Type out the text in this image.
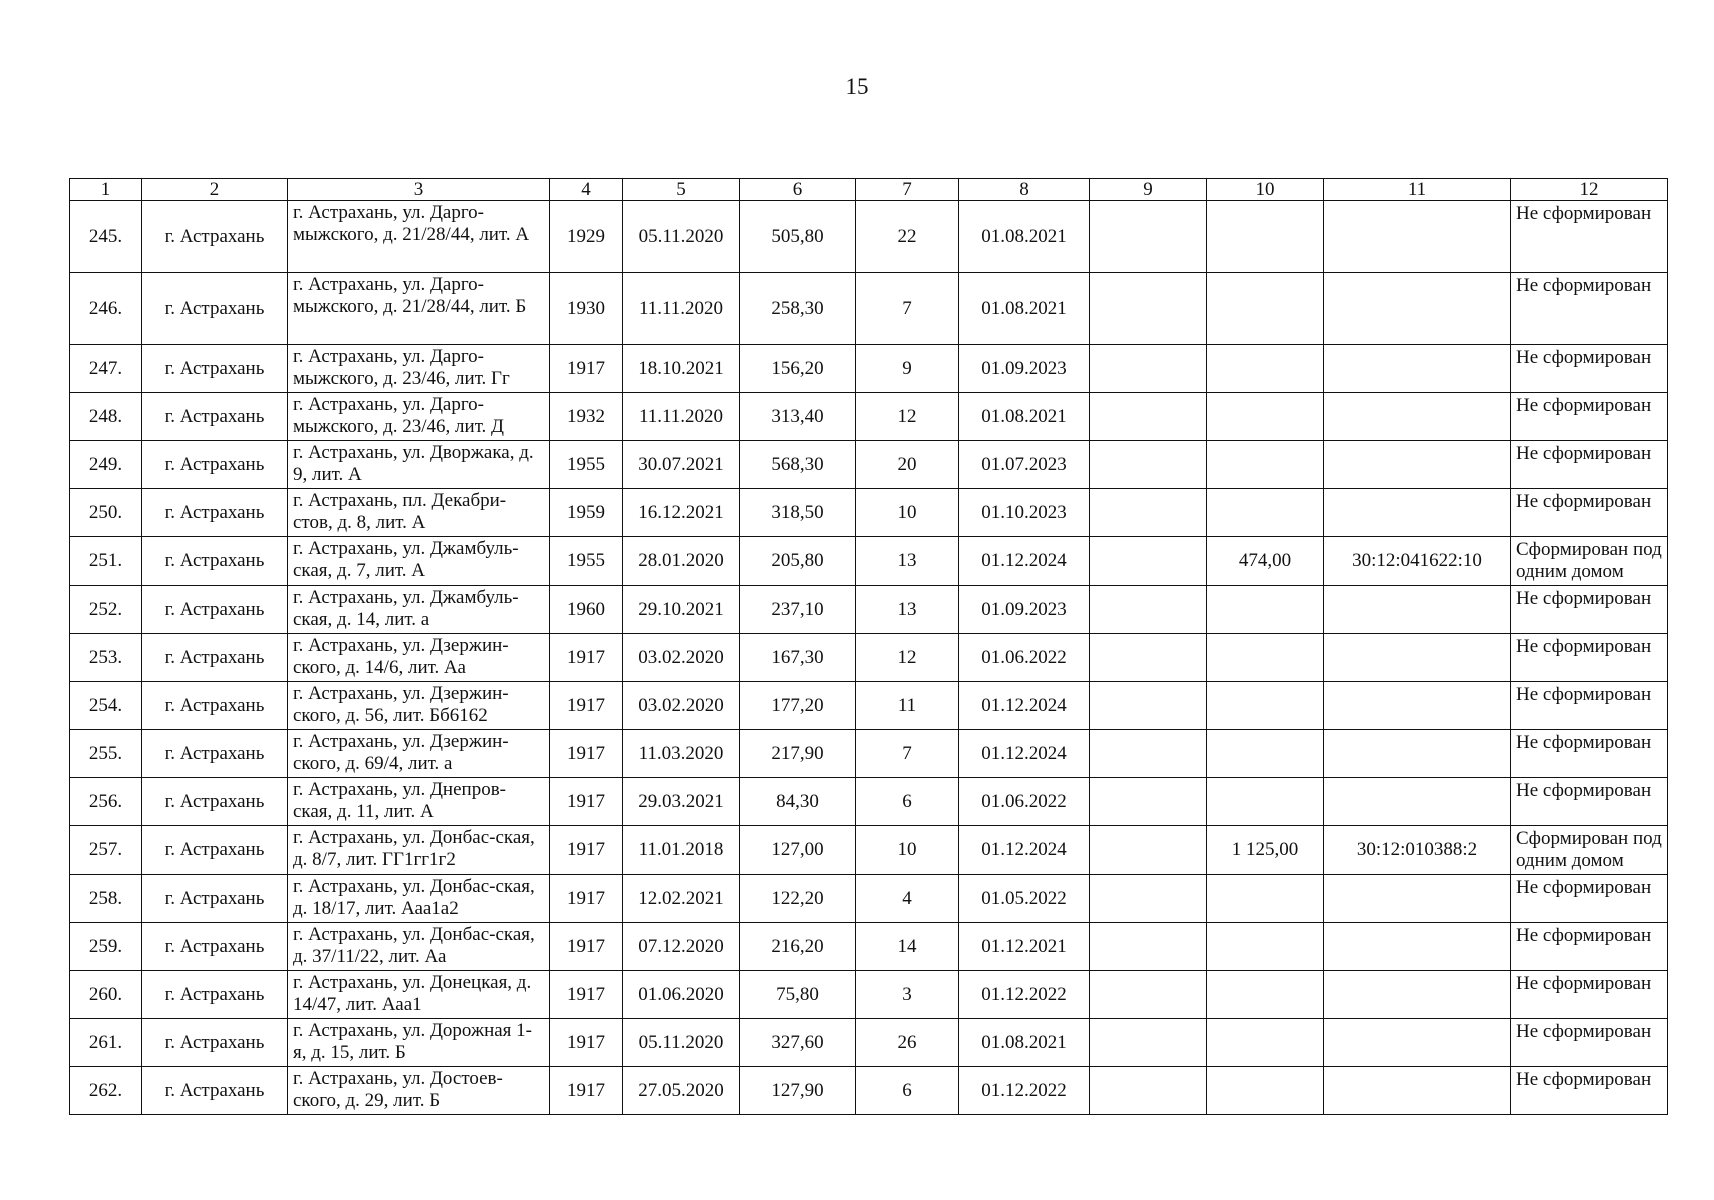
15
1	2	3	4	5	6	7	8	9	10	11	12
245.	г. Астрахань	г. Астрахань, ул. Дарго-мыжского, д. 21/28/44, лит. А	1929	05.11.2020	505,80	22	01.08.2021				Не сформирован
246.	г. Астрахань	г. Астрахань, ул. Дарго-мыжского, д. 21/28/44, лит. Б	1930	11.11.2020	258,30	7	01.08.2021				Не сформирован
247.	г. Астрахань	г. Астрахань, ул. Дарго-мыжского, д. 23/46, лит. Гг	1917	18.10.2021	156,20	9	01.09.2023				Не сформирован
248.	г. Астрахань	г. Астрахань, ул. Дарго-мыжского, д. 23/46, лит. Д	1932	11.11.2020	313,40	12	01.08.2021				Не сформирован
249.	г. Астрахань	г. Астрахань, ул. Дворжака, д. 9, лит. А	1955	30.07.2021	568,30	20	01.07.2023				Не сформирован
250.	г. Астрахань	г. Астрахань, пл. Декабри-стов, д. 8, лит. А	1959	16.12.2021	318,50	10	01.10.2023				Не сформирован
251.	г. Астрахань	г. Астрахань, ул. Джамбуль-ская, д. 7, лит. А	1955	28.01.2020	205,80	13	01.12.2024		474,00	30:12:041622:10	Сформирован под одним домом
252.	г. Астрахань	г. Астрахань, ул. Джамбуль-ская, д. 14, лит. а	1960	29.10.2021	237,10	13	01.09.2023				Не сформирован
253.	г. Астрахань	г. Астрахань, ул. Дзержин-ского, д. 14/6, лит. Аа	1917	03.02.2020	167,30	12	01.06.2022				Не сформирован
254.	г. Астрахань	г. Астрахань, ул. Дзержин-ского, д. 56, лит. Бб6162	1917	03.02.2020	177,20	11	01.12.2024				Не сформирован
255.	г. Астрахань	г. Астрахань, ул. Дзержин-ского, д. 69/4, лит. а	1917	11.03.2020	217,90	7	01.12.2024				Не сформирован
256.	г. Астрахань	г. Астрахань, ул. Днепров-ская, д. 11, лит. А	1917	29.03.2021	84,30	6	01.06.2022				Не сформирован
257.	г. Астрахань	г. Астрахань, ул. Донбас-ская, д. 8/7, лит. ГГ1гг1г2	1917	11.01.2018	127,00	10	01.12.2024		1 125,00	30:12:010388:2	Сформирован под одним домом
258.	г. Астрахань	г. Астрахань, ул. Донбас-ская, д. 18/17, лит. Ааа1а2	1917	12.02.2021	122,20	4	01.05.2022				Не сформирован
259.	г. Астрахань	г. Астрахань, ул. Донбас-ская, д. 37/11/22, лит. Аа	1917	07.12.2020	216,20	14	01.12.2021				Не сформирован
260.	г. Астрахань	г. Астрахань, ул. Донецкая, д. 14/47, лит. Ааа1	1917	01.06.2020	75,80	3	01.12.2022				Не сформирован
261.	г. Астрахань	г. Астрахань, ул. Дорожная 1-я, д. 15, лит. Б	1917	05.11.2020	327,60	26	01.08.2021				Не сформирован
262.	г. Астрахань	г. Астрахань, ул. Достоев-ского, д. 29, лит. Б	1917	27.05.2020	127,90	6	01.12.2022				Не сформирован
